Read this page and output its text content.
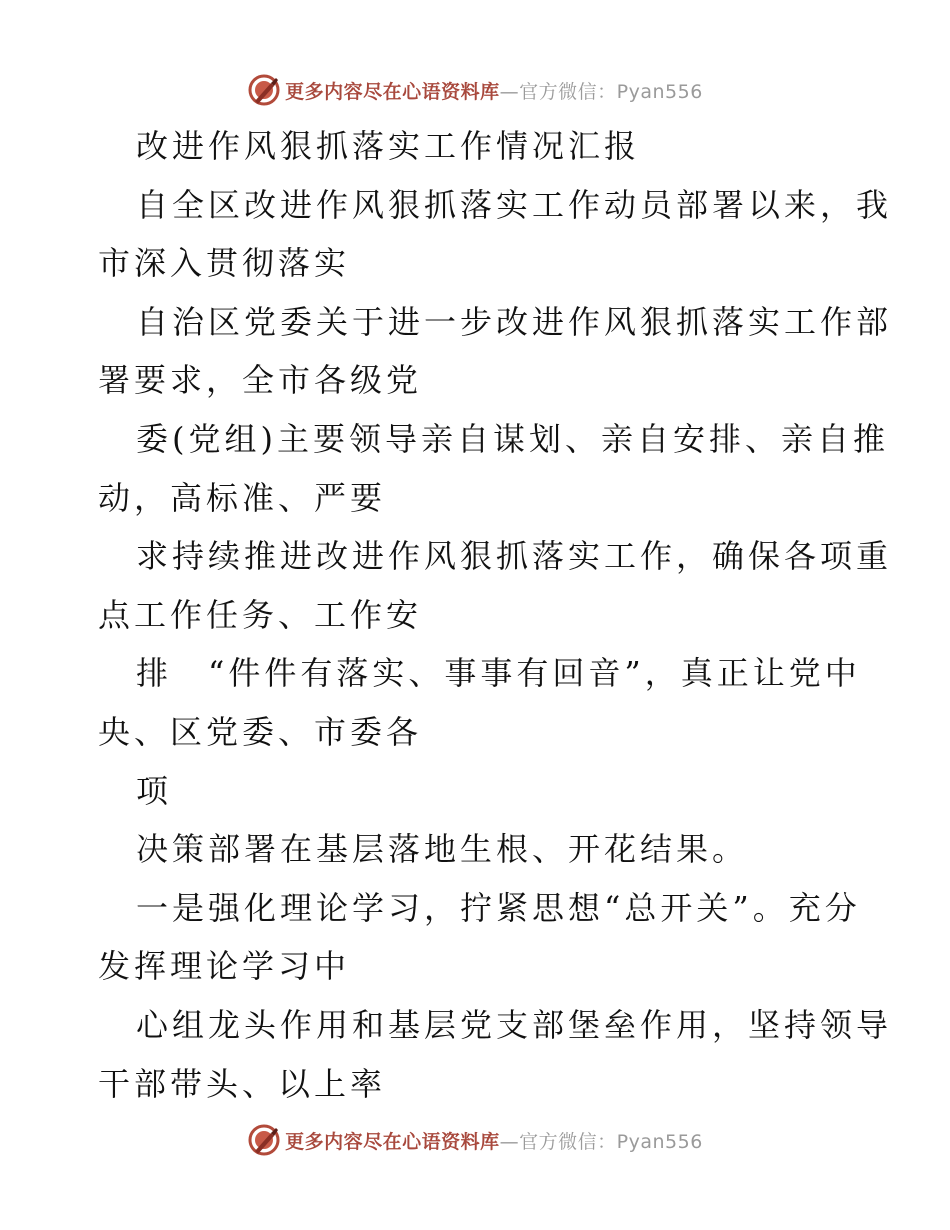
更多内容尽在心语资料库—官方微信：Pyan556
改进作风狠抓落实工作情况汇报
自全区改进作风狠抓落实工作动员部署以来，我
市深入贯彻落实
自治区党委关于进一步改进作风狠抓落实工作部
署要求，全市各级党
委(党组)主要领导亲自谋划、亲自安排、亲自推
动，高标准、严要
求持续推进改进作风狠抓落实工作，确保各项重
点工作任务、工作安
排　“件件有落实、事事有回音”，真正让党中
央、区党委、市委各
项
决策部署在基层落地生根、开花结果。
一是强化理论学习，拧紧思想“总开关”。充分
发挥理论学习中
心组龙头作用和基层党支部堡垒作用，坚持领导
干部带头、以上率
更多内容尽在心语资料库—官方微信：Pyan556
